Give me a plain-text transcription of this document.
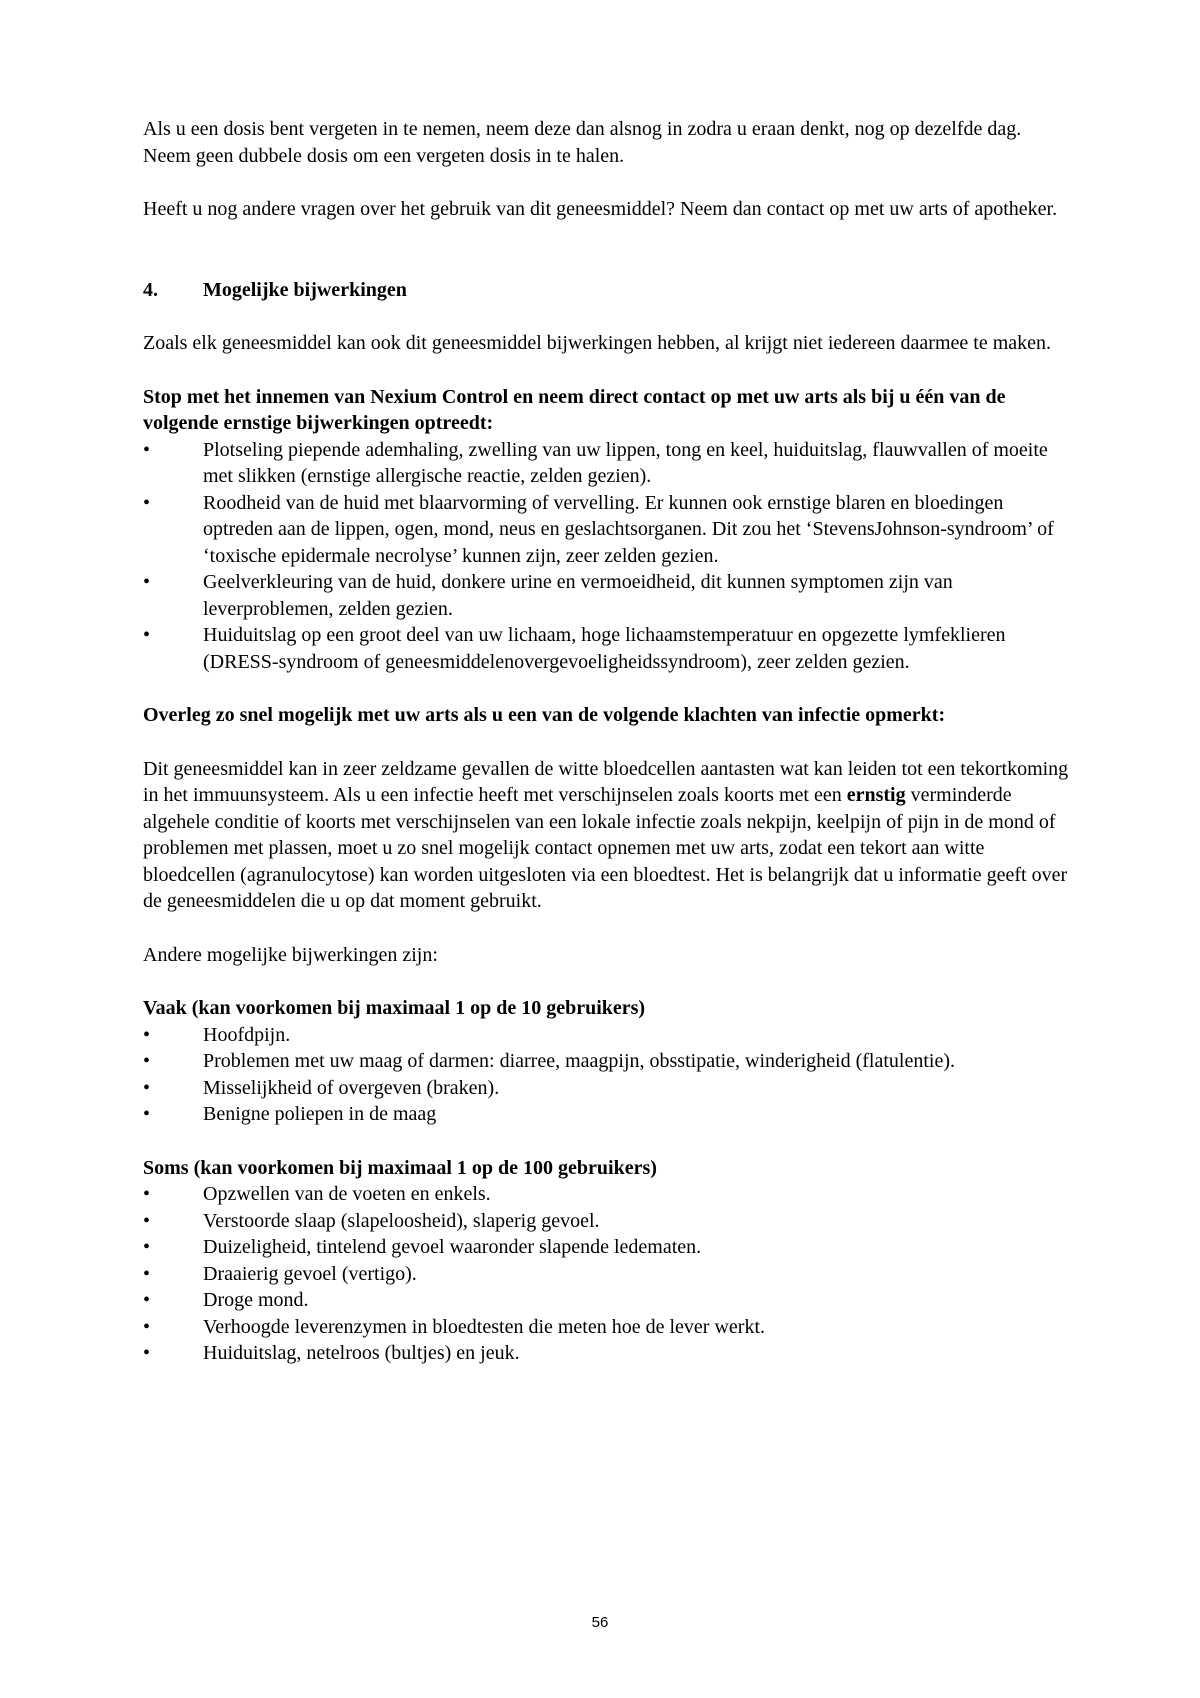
Als u een dosis bent vergeten in te nemen, neem deze dan alsnog in zodra u eraan denkt, nog op dezelfde dag. Neem geen dubbele dosis om een vergeten dosis in te halen.

Heeft u nog andere vragen over het gebruik van dit geneesmiddel? Neem dan contact op met uw arts of apotheker.

4.	Mogelijke bijwerkingen

Zoals elk geneesmiddel kan ook dit geneesmiddel bijwerkingen hebben, al krijgt niet iedereen daarmee te maken.

Stop met het innemen van Nexium Control en neem direct contact op met uw arts als bij u één van de volgende ernstige bijwerkingen optreedt:

•	Plotseling piepende ademhaling, zwelling van uw lippen, tong en keel, huiduitslag, flauwvallen of moeite met slikken (ernstige allergische reactie, zelden gezien).
•	Roodheid van de huid met blaarvorming of vervelling. Er kunnen ook ernstige blaren en bloedingen optreden aan de lippen, ogen, mond, neus en geslachtsorganen. Dit zou het ‘StevensJohnson-syndroom’ of ‘toxische epidermale necrolyse’ kunnen zijn, zeer zelden gezien.
•	Geelverkleuring van de huid, donkere urine en vermoeidheid, dit kunnen symptomen zijn van leverproblemen, zelden gezien.
•	Huiduitslag op een groot deel van uw lichaam, hoge lichaamstemperatuur en opgezette lymfeklieren (DRESS-syndroom of geneesmiddelenovergevoeligheidssyndroom), zeer zelden gezien.

Overleg zo snel mogelijk met uw arts als u een van de volgende klachten van infectie opmerkt:

Dit geneesmiddel kan in zeer zeldzame gevallen de witte bloedcellen aantasten wat kan leiden tot een tekortkoming in het immuunsysteem. Als u een infectie heeft met verschijnselen zoals koorts met een ernstig verminderde algehele conditie of koorts met verschijnselen van een lokale infectie zoals nekpijn, keelpijn of pijn in de mond of problemen met plassen, moet u zo snel mogelijk contact opnemen met uw arts, zodat een tekort aan witte bloedcellen (agranulocytose) kan worden uitgesloten via een bloedtest. Het is belangrijk dat u informatie geeft over de geneesmiddelen die u op dat moment gebruikt.

Andere mogelijke bijwerkingen zijn:

Vaak (kan voorkomen bij maximaal 1 op de 10 gebruikers)

•	Hoofdpijn.
•	Problemen met uw maag of darmen: diarree, maagpijn, obsstipatie, winderigheid (flatulentie).
•	Misselijkheid of overgeven (braken).
•	Benigne poliepen in de maag

Soms (kan voorkomen bij maximaal 1 op de 100 gebruikers)

•	Opzwellen van de voeten en enkels.
•	Verstoorde slaap (slapeloosheid), slaperig gevoel.
•	Duizeligheid, tintelend gevoel waaronder slapende ledematen.
•	Draaierig gevoel (vertigo).
•	Droge mond.
•	Verhoogde leverenzymen in bloedtesten die meten hoe de lever werkt.
•	Huiduitslag, netelroos (bultjes) en jeuk.
56
